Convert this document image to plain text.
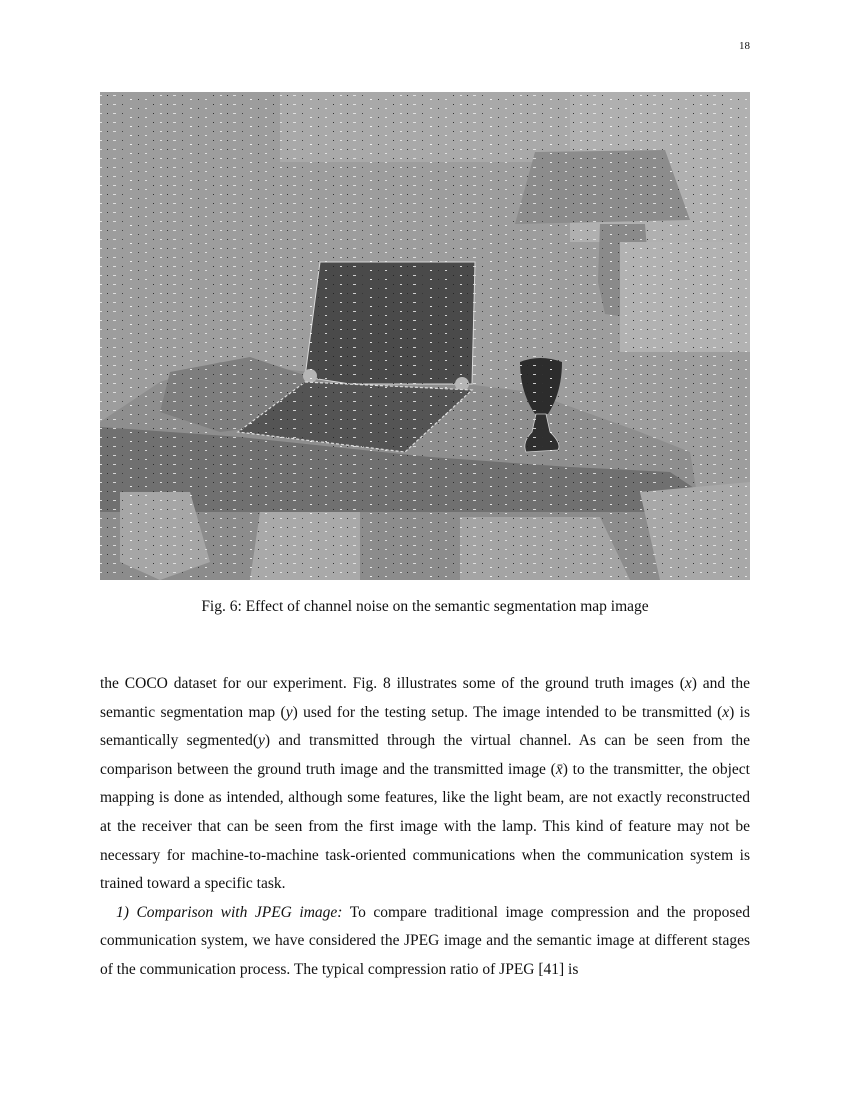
18
Fig. 6: Effect of channel noise on the semantic segmentation map image

the COCO dataset for our experiment. Fig. 8 illustrates some of the ground truth images (x) and the semantic segmentation map (y) used for the testing setup. The image intended to be transmitted (x) is semantically segmented(y) and transmitted through the virtual channel. As can be seen from the comparison between the ground truth image and the transmitted image (x̄) to the transmitter, the object mapping is done as intended, although some features, like the light beam, are not exactly reconstructed at the receiver that can be seen from the first image with the lamp. This kind of feature may not be necessary for machine-to-machine task-oriented communications when the communication system is trained toward a specific task.

1) Comparison with JPEG image: To compare traditional image compression and the proposed communication system, we have considered the JPEG image and the semantic image at different stages of the communication process. The typical compression ratio of JPEG [41] is
